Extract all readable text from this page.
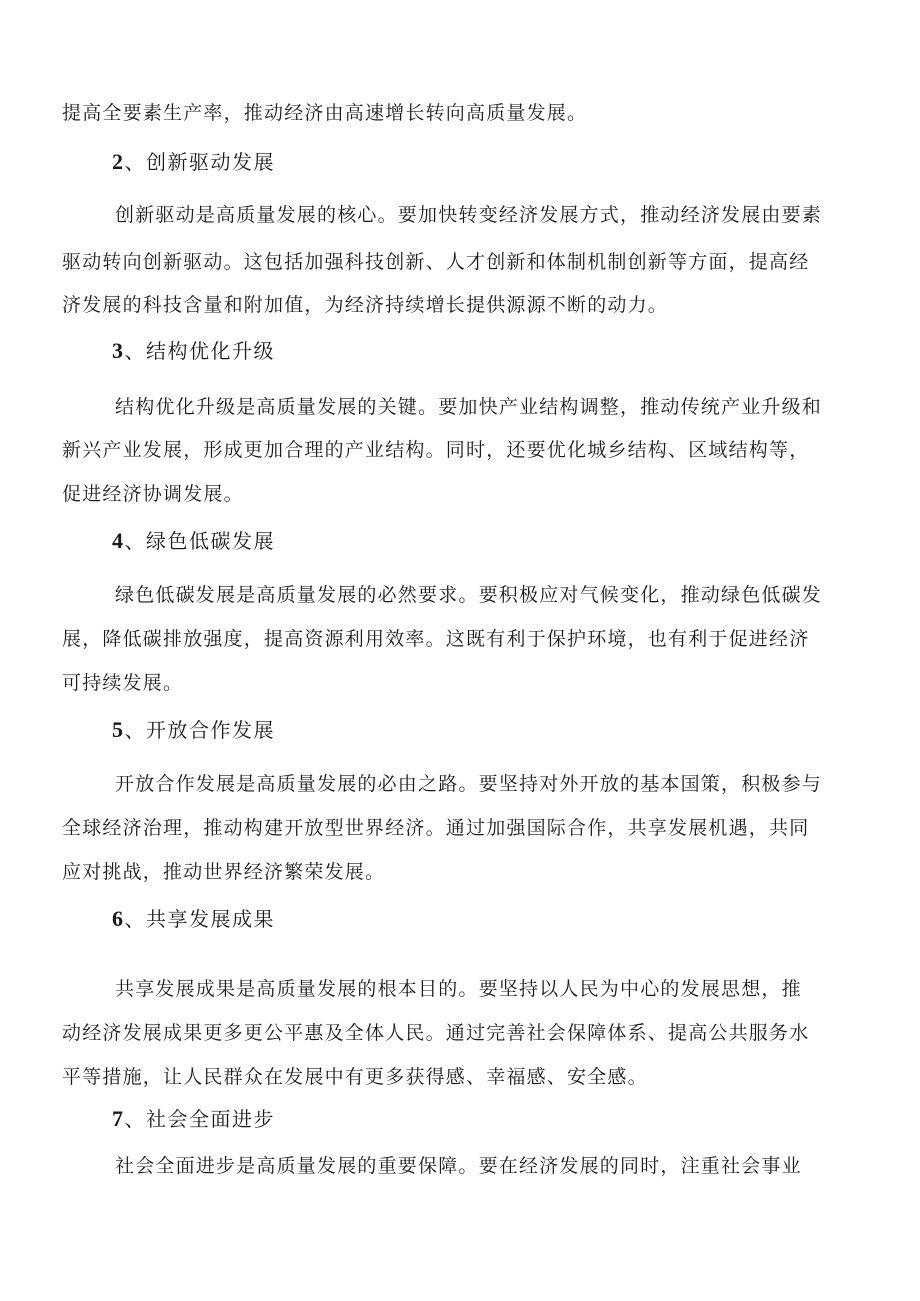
提高全要素生产率，推动经济由高速增长转向高质量发展。
2、创新驱动发展
创新驱动是高质量发展的核心。要加快转变经济发展方式，推动经济发展由要素
驱动转向创新驱动。这包括加强科技创新、人才创新和体制机制创新等方面，提高经
济发展的科技含量和附加值，为经济持续增长提供源源不断的动力。
3、结构优化升级
结构优化升级是高质量发展的关键。要加快产业结构调整，推动传统产业升级和
新兴产业发展，形成更加合理的产业结构。同时，还要优化城乡结构、区域结构等，
促进经济协调发展。
4、绿色低碳发展
绿色低碳发展是高质量发展的必然要求。要积极应对气候变化，推动绿色低碳发
展，降低碳排放强度，提高资源利用效率。这既有利于保护环境，也有利于促进经济
可持续发展。
5、开放合作发展
开放合作发展是高质量发展的必由之路。要坚持对外开放的基本国策，积极参与
全球经济治理，推动构建开放型世界经济。通过加强国际合作，共享发展机遇，共同
应对挑战，推动世界经济繁荣发展。
6、共享发展成果
共享发展成果是高质量发展的根本目的。要坚持以人民为中心的发展思想，推
动经济发展成果更多更公平惠及全体人民。通过完善社会保障体系、提高公共服务水
平等措施，让人民群众在发展中有更多获得感、幸福感、安全感。
7、社会全面进步
社会全面进步是高质量发展的重要保障。要在经济发展的同时，注重社会事业
